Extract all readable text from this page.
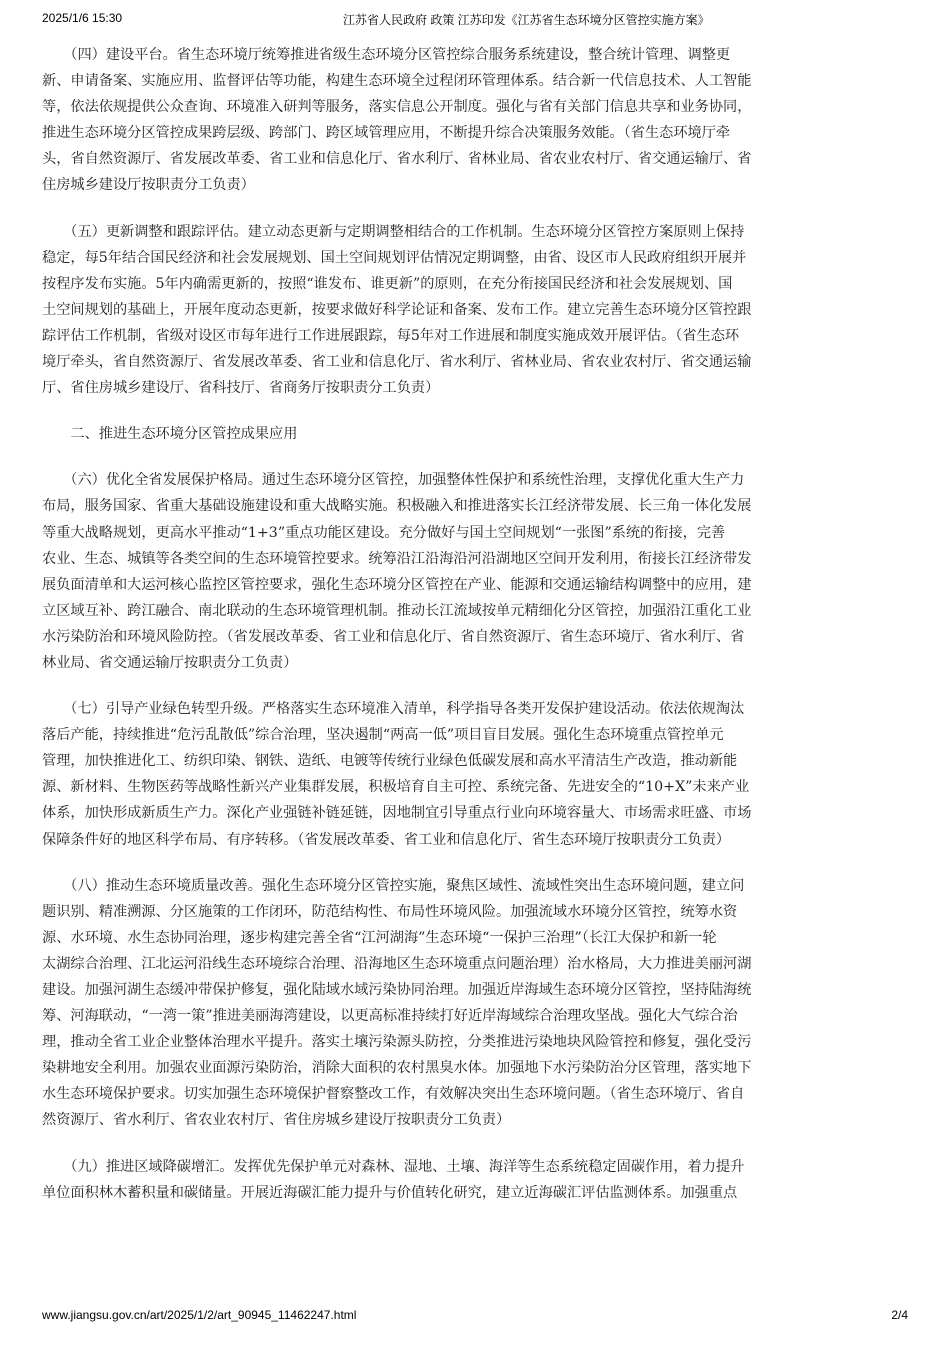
2025/1/6 15:30	江苏省人民政府 政策 江苏印发《江苏省生态环境分区管控实施方案》
　　（四）建设平台。省生态环境厅统筹推进省级生态环境分区管控综合服务系统建设，整合统计管理、调整更
新、申请备案、实施应用、监督评估等功能，构建生态环境全过程闭环管理体系。结合新一代信息技术、人工智能
等，依法依规提供公众查询、环境准入研判等服务，落实信息公开制度。强化与省有关部门信息共享和业务协同，
推进生态环境分区管控成果跨层级、跨部门、跨区域管理应用，不断提升综合决策服务效能。（省生态环境厅牵
头，省自然资源厅、省发展改革委、省工业和信息化厅、省水利厅、省林业局、省农业农村厅、省交通运输厅、省
住房城乡建设厅按职责分工负责）
　　（五）更新调整和跟踪评估。建立动态更新与定期调整相结合的工作机制。生态环境分区管控方案原则上保持
稳定，每5年结合国民经济和社会发展规划、国土空间规划评估情况定期调整，由省、设区市人民政府组织开展并
按程序发布实施。5年内确需更新的，按照“谁发布、谁更新”的原则，在充分衔接国民经济和社会发展规划、国
土空间规划的基础上，开展年度动态更新，按要求做好科学论证和备案、发布工作。建立完善生态环境分区管控跟
踪评估工作机制，省级对设区市每年进行工作进展跟踪，每5年对工作进展和制度实施成效开展评估。（省生态环
境厅牵头，省自然资源厅、省发展改革委、省工业和信息化厅、省水利厅、省林业局、省农业农村厅、省交通运输
厅、省住房城乡建设厅、省科技厅、省商务厅按职责分工负责）
　　二、推进生态环境分区管控成果应用
　　（六）优化全省发展保护格局。通过生态环境分区管控，加强整体性保护和系统性治理，支撑优化重大生产力
布局，服务国家、省重大基础设施建设和重大战略实施。积极融入和推进落实长江经济带发展、长三角一体化发展
等重大战略规划，更高水平推动“1+3”重点功能区建设。充分做好与国土空间规划“一张图”系统的衔接，完善
农业、生态、城镇等各类空间的生态环境管控要求。统筹沿江沿海沿河沿湖地区空间开发利用，衔接长江经济带发
展负面清单和大运河核心监控区管控要求，强化生态环境分区管控在产业、能源和交通运输结构调整中的应用，建
立区域互补、跨江融合、南北联动的生态环境管理机制。推动长江流域按单元精细化分区管控，加强沿江重化工业
水污染防治和环境风险防控。（省发展改革委、省工业和信息化厅、省自然资源厅、省生态环境厅、省水利厅、省
林业局、省交通运输厅按职责分工负责）
　　（七）引导产业绿色转型升级。严格落实生态环境准入清单，科学指导各类开发保护建设活动。依法依规淘汰
落后产能，持续推进“危污乱散低”综合治理，坚决遏制“两高一低”项目盲目发展。强化生态环境重点管控单元
管理，加快推进化工、纺织印染、钢铁、造纸、电镀等传统行业绿色低碳发展和高水平清洁生产改造，推动新能
源、新材料、生物医药等战略性新兴产业集群发展，积极培育自主可控、系统完备、先进安全的“10+X”未来产业
体系，加快形成新质生产力。深化产业强链补链延链，因地制宜引导重点行业向环境容量大、市场需求旺盛、市场
保障条件好的地区科学布局、有序转移。（省发展改革委、省工业和信息化厅、省生态环境厅按职责分工负责）
　　（八）推动生态环境质量改善。强化生态环境分区管控实施，聚焦区域性、流域性突出生态环境问题，建立问
题识别、精准溯源、分区施策的工作闭环，防范结构性、布局性环境风险。加强流域水环境分区管控，统筹水资
源、水环境、水生态协同治理，逐步构建完善全省“江河湖海”生态环境“一保护三治理”（长江大保护和新一轮
太湖综合治理、江北运河沿线生态环境综合治理、沿海地区生态环境重点问题治理）治水格局，大力推进美丽河湖
建设。加强河湖生态缓冲带保护修复，强化陆域水域污染协同治理。加强近岸海域生态环境分区管控，坚持陆海统
筹、河海联动，“一湾一策”推进美丽海湾建设，以更高标准持续打好近岸海域综合治理攻坚战。强化大气综合治
理，推动全省工业企业整体治理水平提升。落实土壤污染源头防控，分类推进污染地块风险管控和修复，强化受污
染耕地安全利用。加强农业面源污染防治，消除大面积的农村黑臭水体。加强地下水污染防治分区管理，落实地下
水生态环境保护要求。切实加强生态环境保护督察整改工作，有效解决突出生态环境问题。（省生态环境厅、省自
然资源厅、省水利厅、省农业农村厅、省住房城乡建设厅按职责分工负责）
　　（九）推进区域降碳增汇。发挥优先保护单元对森林、湿地、土壤、海洋等生态系统稳定固碳作用，着力提升
单位面积林木蓄积量和碳储量。开展近海碳汇能力提升与价值转化研究，建立近海碳汇评估监测体系。加强重点
www.jiangsu.gov.cn/art/2025/1/2/art_90945_11462247.html	2/4
